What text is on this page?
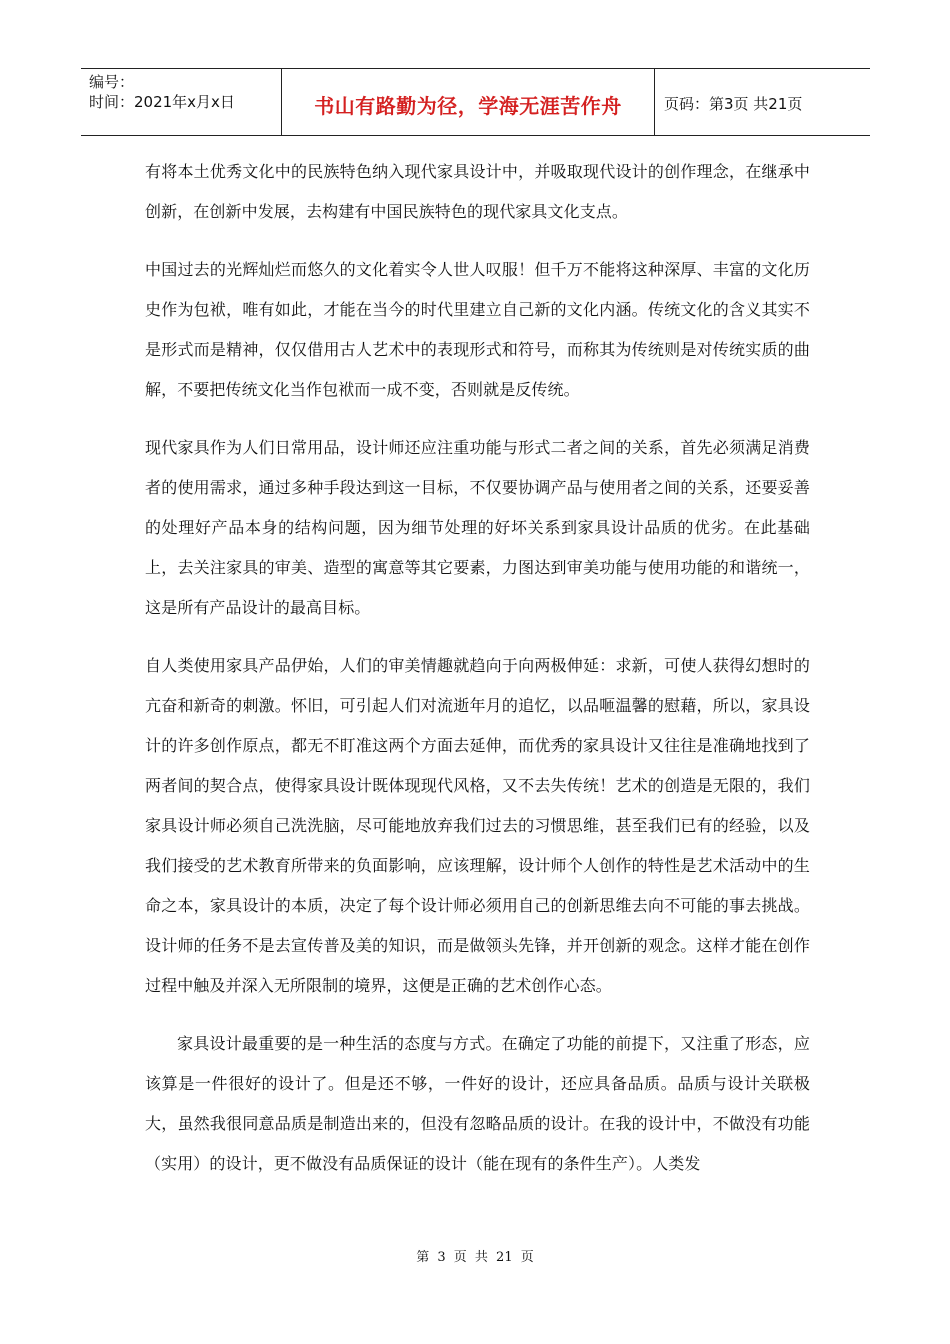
编号：
时间：2021年x月x日	书山有路勤为径，学海无涯苦作舟	页码：第3页 共21页

有将本土优秀文化中的民族特色纳入现代家具设计中，并吸取现代设计的创作理念，在继承中创新，在创新中发展，去构建有中国民族特色的现代家具文化支点。

中国过去的光辉灿烂而悠久的文化着实令人世人叹服！但千万不能将这种深厚、丰富的文化历史作为包袱，唯有如此，才能在当今的时代里建立自己新的文化内涵。传统文化的含义其实不是形式而是精神，仅仅借用古人艺术中的表现形式和符号，而称其为传统则是对传统实质的曲解，不要把传统文化当作包袱而一成不变，否则就是反传统。

现代家具作为人们日常用品，设计师还应注重功能与形式二者之间的关系，首先必须满足消费者的使用需求，通过多种手段达到这一目标，不仅要协调产品与使用者之间的关系，还要妥善的处理好产品本身的结构问题，因为细节处理的好坏关系到家具设计品质的优劣。在此基础上，去关注家具的审美、造型的寓意等其它要素，力图达到审美功能与使用功能的和谐统一，这是所有产品设计的最高目标。

自人类使用家具产品伊始，人们的审美情趣就趋向于向两极伸延：求新，可使人获得幻想时的亢奋和新奇的刺激。怀旧，可引起人们对流逝年月的追忆，以品咂温馨的慰藉，所以，家具设计的许多创作原点，都无不盯准这两个方面去延伸，而优秀的家具设计又往往是准确地找到了两者间的契合点，使得家具设计既体现现代风格，又不去失传统！艺术的创造是无限的，我们家具设计师必须自己洗洗脑，尽可能地放弃我们过去的习惯思维，甚至我们已有的经验，以及我们接受的艺术教育所带来的负面影响，应该理解，设计师个人创作的特性是艺术活动中的生命之本，家具设计的本质，决定了每个设计师必须用自己的创新思维去向不可能的事去挑战。设计师的任务不是去宣传普及美的知识，而是做领头先锋，并开创新的观念。这样才能在创作过程中触及并深入无所限制的境界，这便是正确的艺术创作心态。

家具设计最重要的是一种生活的态度与方式。在确定了功能的前提下，又注重了形态，应该算是一件很好的设计了。但是还不够，一件好的设计，还应具备品质。品质与设计关联极大，虽然我很同意品质是制造出来的，但没有忽略品质的设计。在我的设计中，不做没有功能（实用）的设计，更不做没有品质保证的设计（能在现有的条件生产）。人类发

第 3 页 共 21 页
